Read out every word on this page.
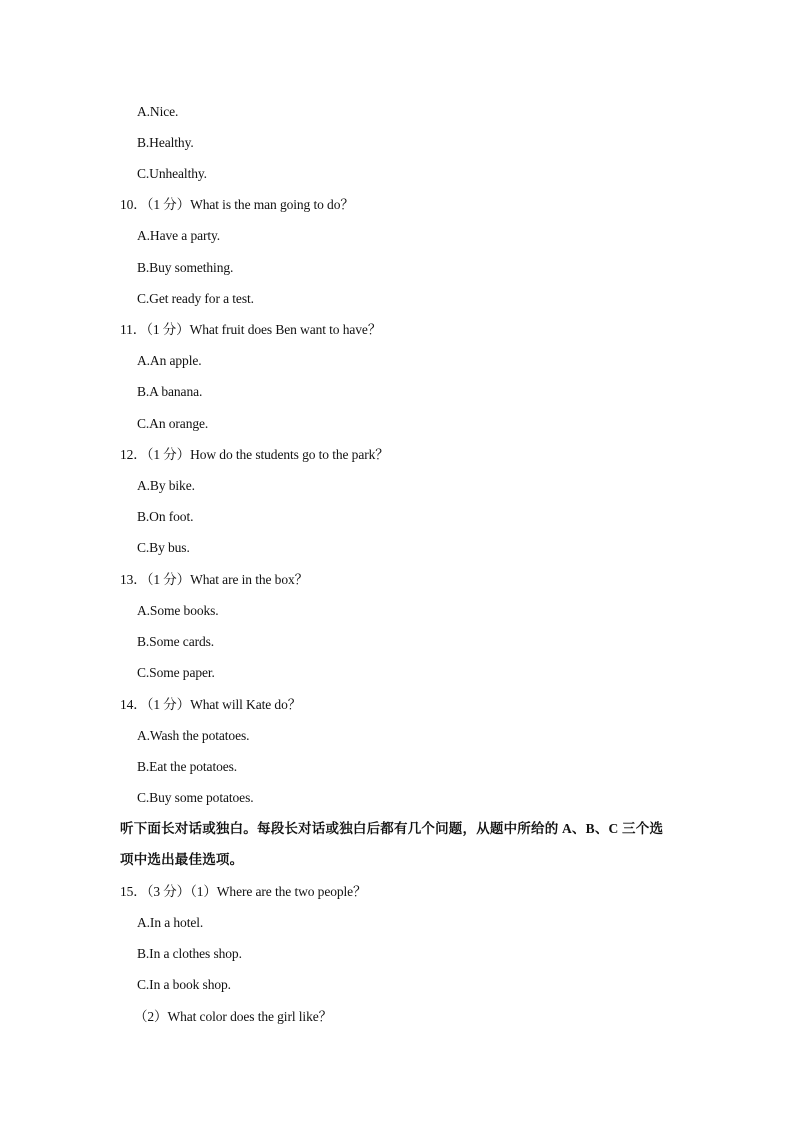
A.Nice.
B.Healthy.
C.Unhealthy.
10．（1 分）What is the man going to do？
A.Have a party.
B.Buy something.
C.Get ready for a test.
11．（1 分）What fruit does Ben want to have？
A.An apple.
B.A banana.
C.An orange.
12．（1 分）How do the students go to the park？
A.By bike.
B.On foot.
C.By bus.
13．（1 分）What are in the box？
A.Some books.
B.Some cards.
C.Some paper.
14．（1 分）What will Kate do？
A.Wash the potatoes.
B.Eat the potatoes.
C.Buy some potatoes.
听下面长对话或独白。每段长对话或独白后都有几个问题，从题中所给的 A、B、C 三个选
项中选出最佳选项。
15．（3 分）（1）Where are the two people？
A.In a hotel.
B.In a clothes shop.
C.In a book shop.
（2）What color does the girl like？
